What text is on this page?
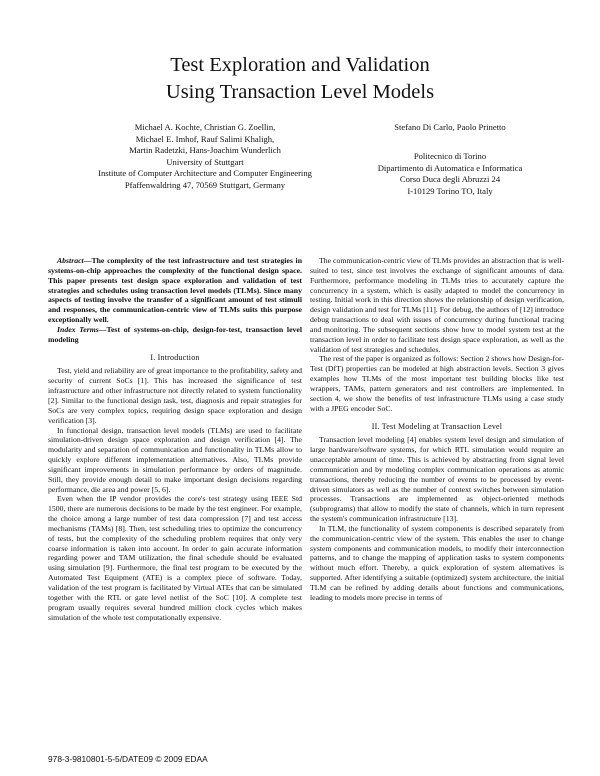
Test Exploration and Validation
Using Transaction Level Models
Michael A. Kochte, Christian G. Zoellin,
Michael E. Imhof, Rauf Salimi Khaligh,
Martin Radetzki, Hans-Joachim Wunderlich
University of Stuttgart
Institute of Computer Architecture and Computer Engineering
Pfaffenwaldring 47, 70569 Stuttgart, Germany
Stefano Di Carlo, Paolo Prinetto
Politecnico di Torino
Dipartimento di Automatica e Informatica
Corso Duca degli Abruzzi 24
I-10129 Torino TO, Italy

Abstract—The complexity of the test infrastructure and test strategies in systems-on-chip approaches the complexity of the functional design space. This paper presents test design space exploration and validation of test strategies and schedules using transaction level models (TLMs). Since many aspects of testing involve the transfer of a significant amount of test stimuli and responses, the communication-centric view of TLMs suits this purpose exceptionally well.

Index Terms—Test of systems-on-chip, design-for-test, transaction level modeling

I. Introduction

Test, yield and reliability are of great importance to the profitability, safety and security of current SoCs [1]. This has increased the significance of test infrastructure and other infrastructure not directly related to system functionality [2]. Similar to the functional design task, test, diagnosis and repair strategies for SoCs are very complex topics, requiring design space exploration and design verification [3].

In functional design, transaction level models (TLMs) are used to facilitate simulation-driven design space exploration and design verification [4]. The modularity and separation of communication and functionality in TLMs allow to quickly explore different implementation alternatives. Also, TLMs provide significant improvements in simulation performance by orders of magnitude. Still, they provide enough detail to make important design decisions regarding performance, die area and power [5, 6].

Even when the IP vendor provides the core's test strategy using IEEE Std 1500, there are numerous decisions to be made by the test engineer. For example, the choice among a large number of test data compression [7] and test access mechanisms (TAMs) [8]. Then, test scheduling tries to optimize the concurrency of tests, but the complexity of the scheduling problem requires that only very coarse information is taken into account. In order to gain accurate information regarding power and TAM utilization, the final schedule should be evaluated using simulation [9]. Furthermore, the final test program to be executed by the Automated Test Equipment (ATE) is a complex piece of software. Today, validation of the test program is facilitated by Virtual ATEs that can be simulated together with the RTL or gate level netlist of the SoC [10]. A complete test program usually requires several hundred million clock cycles which makes simulation of the whole test computationally expensive.

The communication-centric view of TLMs provides an abstraction that is well-suited to test, since test involves the exchange of significant amounts of data. Furthermore, performance modeling in TLMs tries to accurately capture the concurrency in a system, which is easily adapted to model the concurrency in testing. Initial work in this direction shows the relationship of design verification, design validation and test for TLMs [11]. For debug, the authors of [12] introduce debug transactions to deal with issues of concurrency during functional tracing and monitoring. The subsequent sections show how to model system test at the transaction level in order to facilitate test design space exploration, as well as the validation of test strategies and schedules.

The rest of the paper is organized as follows: Section 2 shows how Design-for-Test (DfT) properties can be modeled at high abstraction levels. Section 3 gives examples how TLMs of the most important test building blocks like test wrappers, TAMs, pattern generators and test controllers are implemented. In section 4, we show the benefits of test infrastructure TLMs using a case study with a JPEG encoder SoC.

II. Test Modeling at Transaction Level

Transaction level modeling [4] enables system level design and simulation of large hardware/software systems, for which RTL simulation would require an unacceptable amount of time. This is achieved by abstracting from signal level communication and by modeling complex communication operations as atomic transactions, thereby reducing the number of events to be processed by event-driven simulators as well as the number of context switches between simulation processes. Transactions are implemented as object-oriented methods (subprograms) that allow to modify the state of channels, which in turn represent the system's communication infrastructure [13].

In TLM, the functionality of system components is described separately from the communication-centric view of the system. This enables the user to change system components and communication models, to modify their interconnection patterns, and to change the mapping of application tasks to system components without much effort. Thereby, a quick exploration of system alternatives is supported. After identifying a suitable (optimized) system architecture, the initial TLM can be refined by adding details about functions and communications, leading to models more precise in terms of

978-3-9810801-5-5/DATE09 © 2009 EDAA
